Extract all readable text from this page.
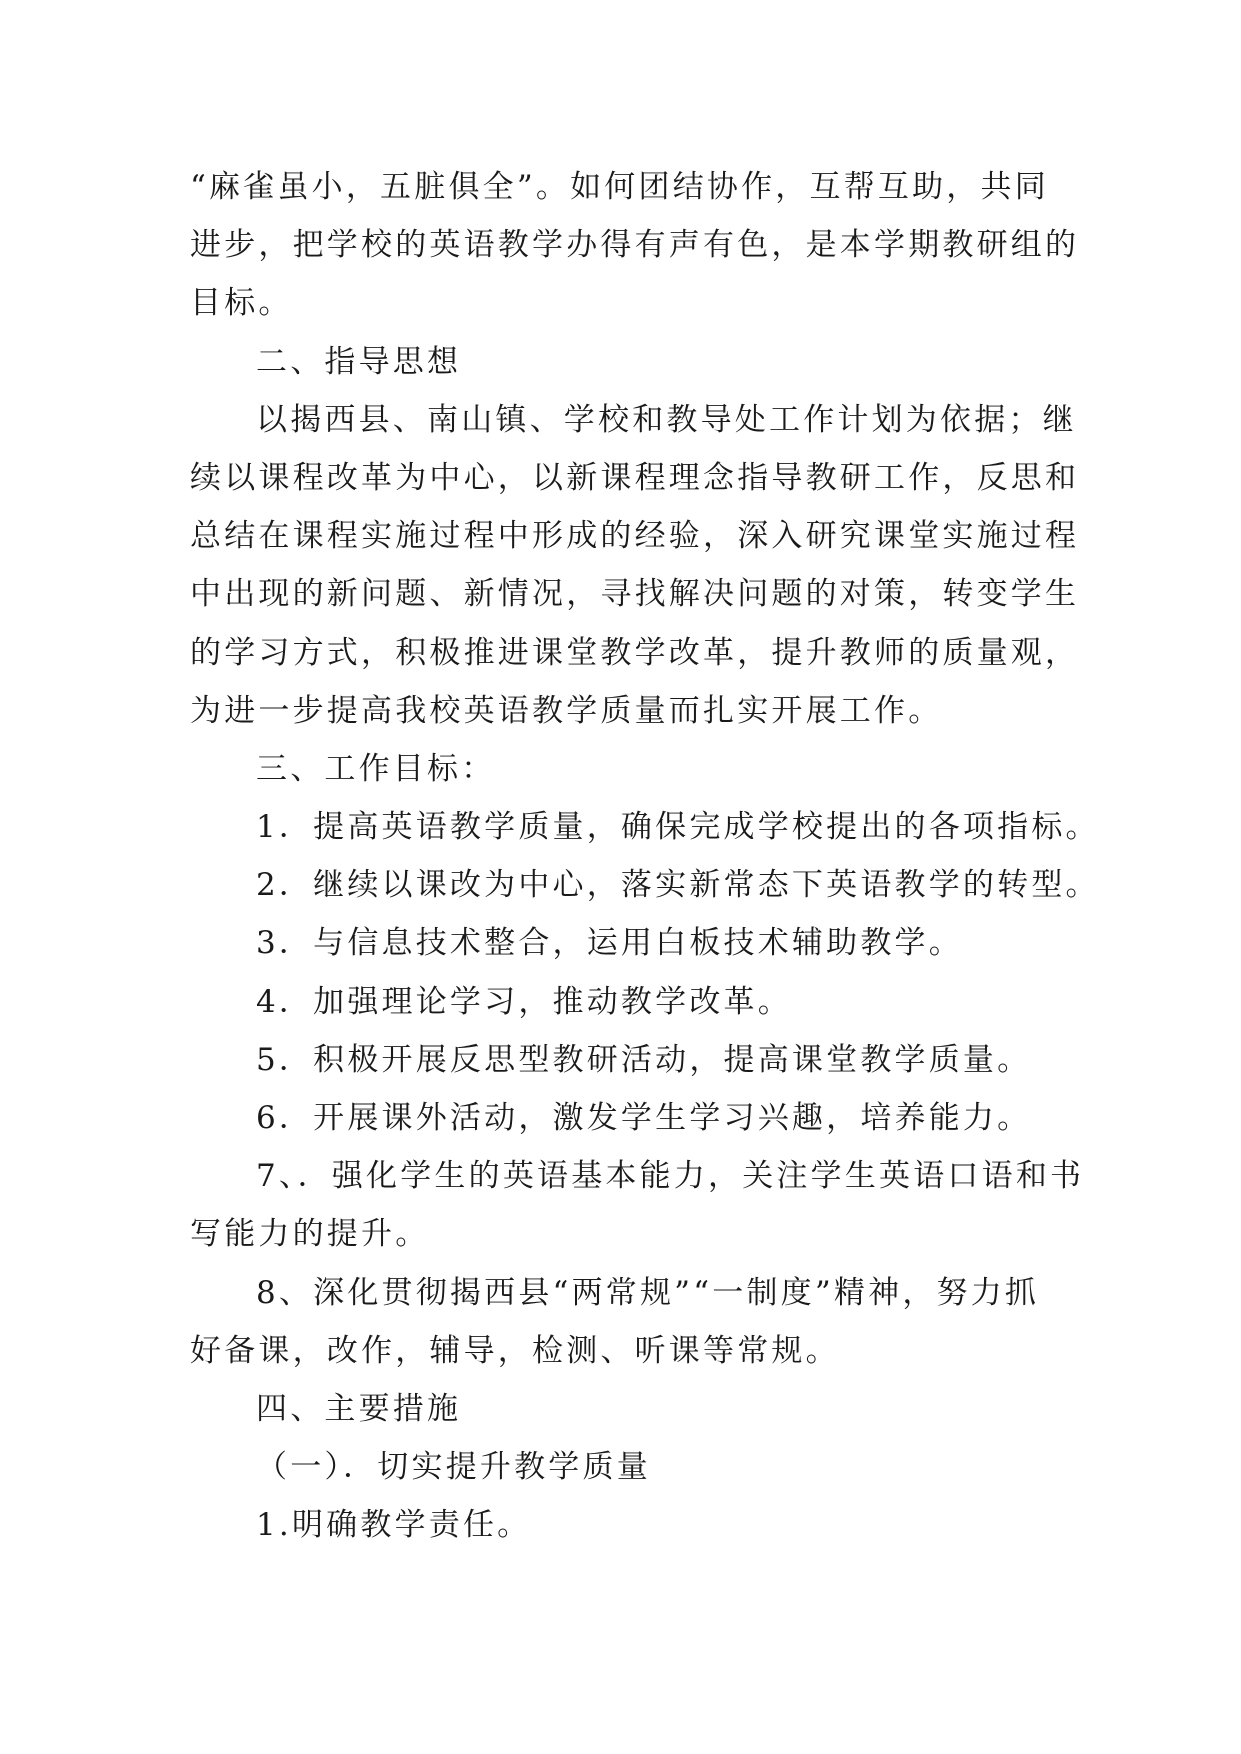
“麻雀虽小，五脏俱全”。如何团结协作，互帮互助，共同
进步，把学校的英语教学办得有声有色，是本学期教研组的
目标。
二、指导思想
以揭西县、南山镇、学校和教导处工作计划为依据；继
续以课程改革为中心，以新课程理念指导教研工作，反思和
总结在课程实施过程中形成的经验，深入研究课堂实施过程
中出现的新问题、新情况，寻找解决问题的对策，转变学生
的学习方式，积极推进课堂教学改革，提升教师的质量观，
为进一步提高我校英语教学质量而扎实开展工作。
三、工作目标：
1．提高英语教学质量，确保完成学校提出的各项指标。
2．继续以课改为中心，落实新常态下英语教学的转型。
3．与信息技术整合，运用白板技术辅助教学。
4．加强理论学习，推动教学改革。
5．积极开展反思型教研活动，提高课堂教学质量。
6．开展课外活动，激发学生学习兴趣，培养能力。
7、．强化学生的英语基本能力，关注学生英语口语和书
写能力的提升。
8、深化贯彻揭西县“两常规”“一制度”精神，努力抓
好备课，改作，辅导，检测、听课等常规。
四、主要措施
（一）．切实提升教学质量
1.明确教学责任。
